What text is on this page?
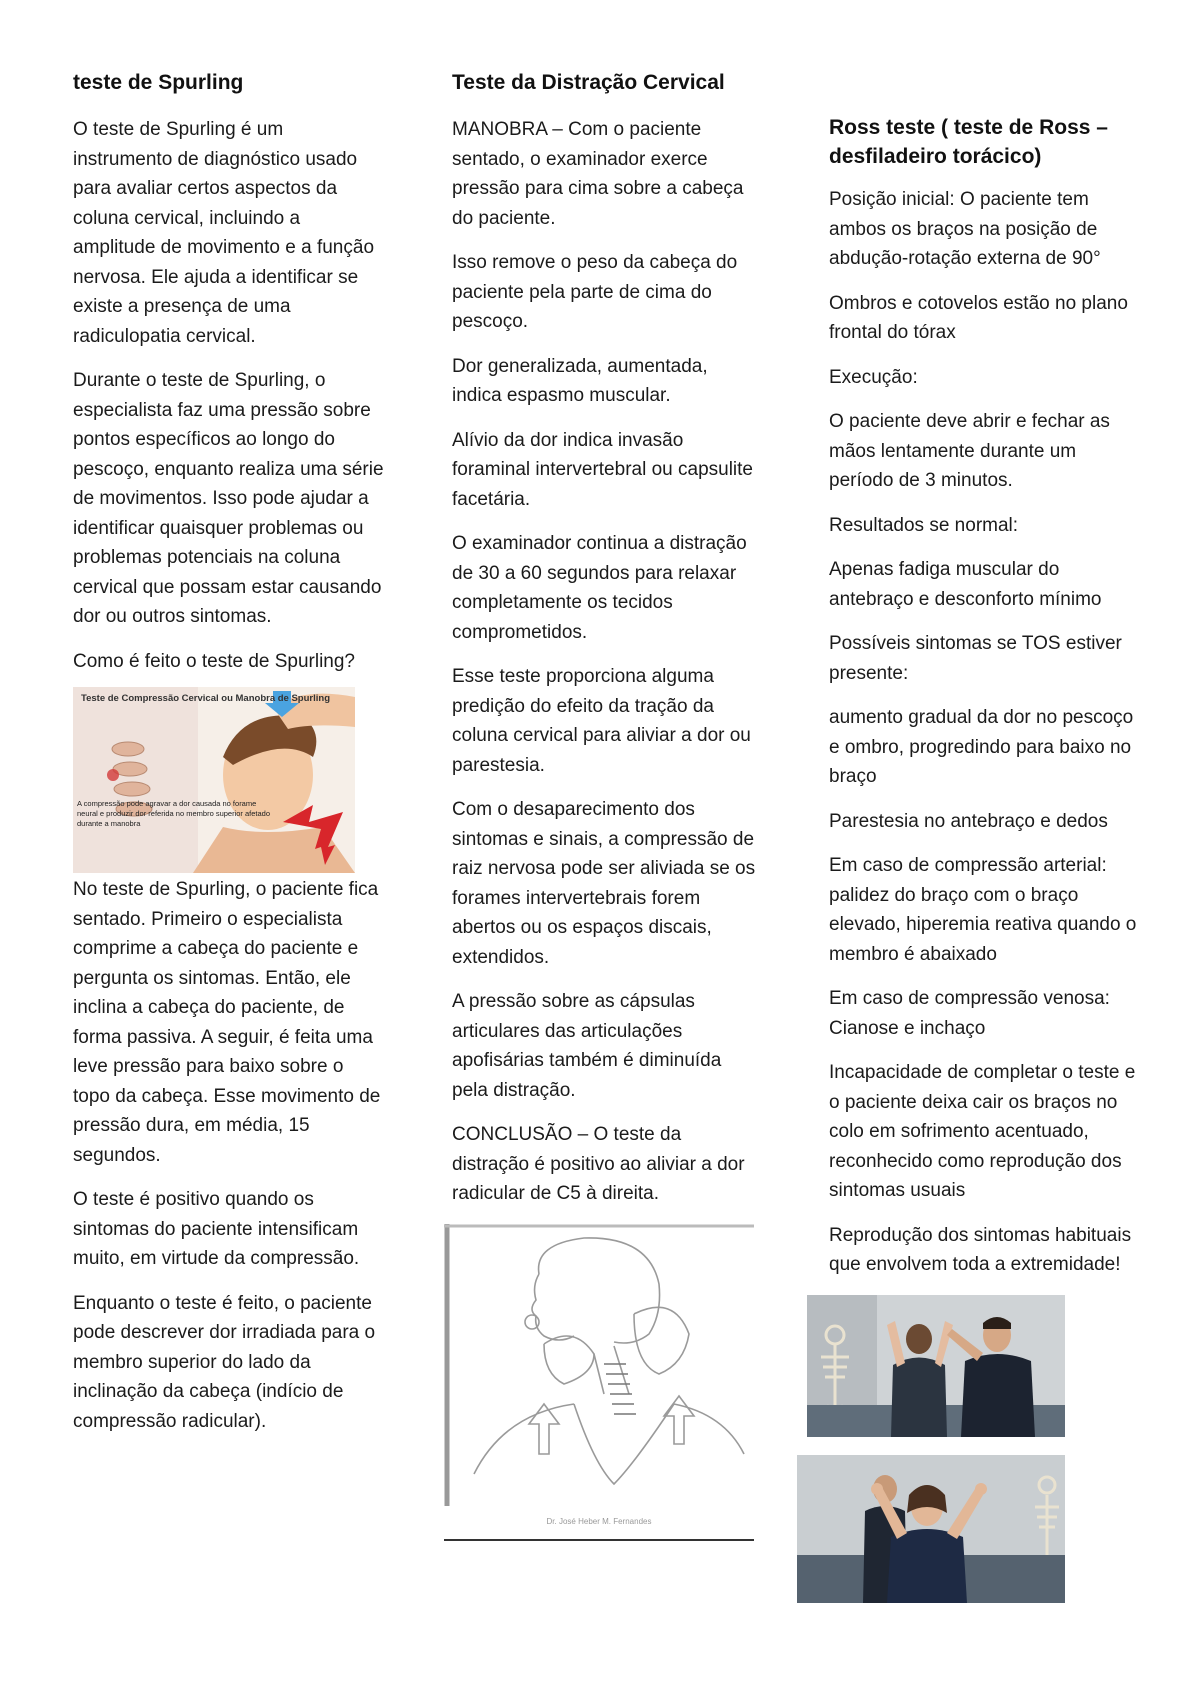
teste de Spurling

O teste de Spurling é um instrumento de diagnóstico usado para avaliar certos aspectos da coluna cervical, incluindo a amplitude de movimento e a função nervosa. Ele ajuda a identificar se existe a presença de uma radiculopatia cervical.

Durante o teste de Spurling, o especialista faz uma pressão sobre pontos específicos ao longo do pescoço, enquanto realiza uma série de movimentos. Isso pode ajudar a identificar quaisquer problemas ou problemas potenciais na coluna cervical que possam estar causando dor ou outros sintomas.

Como é feito o teste de Spurling?

Teste de Compressão Cervical ou Manobra de Spurling
A compressão pode agravar a dor causada no forame neural e produzir dor referida no membro superior afetado durante a manobra

No teste de Spurling, o paciente fica sentado. Primeiro o especialista comprime a cabeça do paciente e pergunta os sintomas. Então, ele inclina a cabeça do paciente, de forma passiva. A seguir, é feita uma leve pressão para baixo sobre o topo da cabeça. Esse movimento de pressão dura, em média, 15 segundos.

O teste é positivo quando os sintomas do paciente intensificam muito, em virtude da compressão.

Enquanto o teste é feito, o paciente pode descrever dor irradiada para o membro superior do lado da inclinação da cabeça (indício de compressão radicular).

Teste da Distração Cervical

MANOBRA – Com o paciente sentado, o examinador exerce pressão para cima sobre a cabeça do paciente.

Isso remove o peso da cabeça do paciente pela parte de cima do pescoço.

Dor generalizada, aumentada, indica espasmo muscular.

Alívio da dor indica invasão foraminal intervertebral ou capsulite facetária.

O examinador continua a distração de 30 a 60 segundos para relaxar completamente os tecidos comprometidos.

Esse teste proporciona alguma predição do efeito da tração da coluna cervical para aliviar a dor ou parestesia.

Com o desaparecimento dos sintomas e sinais, a compressão de raiz nervosa pode ser aliviada se os forames intervertebrais forem abertos ou os espaços discais, extendidos.

A pressão sobre as cápsulas articulares das articulações apofisárias também é diminuída pela distração.

CONCLUSÃO – O teste da distração é positivo ao aliviar a dor radicular de C5 à direita.

Dr. José Heber M. Fernandes
Ross teste ( teste de Ross – desfiladeiro torácico)

Posição inicial: O paciente tem ambos os braços na posição de abdução-rotação externa de 90°

Ombros e cotovelos estão no plano frontal do tórax

Execução:

O paciente deve abrir e fechar as mãos lentamente durante um período de 3 minutos.

Resultados se normal:

Apenas fadiga muscular do antebraço e desconforto mínimo

Possíveis sintomas se TOS estiver presente:

aumento gradual da dor no pescoço e ombro, progredindo para baixo no braço

Parestesia no antebraço e dedos

Em caso de compressão arterial: palidez do braço com o braço elevado, hiperemia reativa quando o membro é abaixado

Em caso de compressão venosa: Cianose e inchaço

Incapacidade de completar o teste e o paciente deixa cair os braços no colo em sofrimento acentuado, reconhecido como reprodução dos sintomas usuais

Reprodução dos sintomas habituais que envolvem toda a extremidade!
